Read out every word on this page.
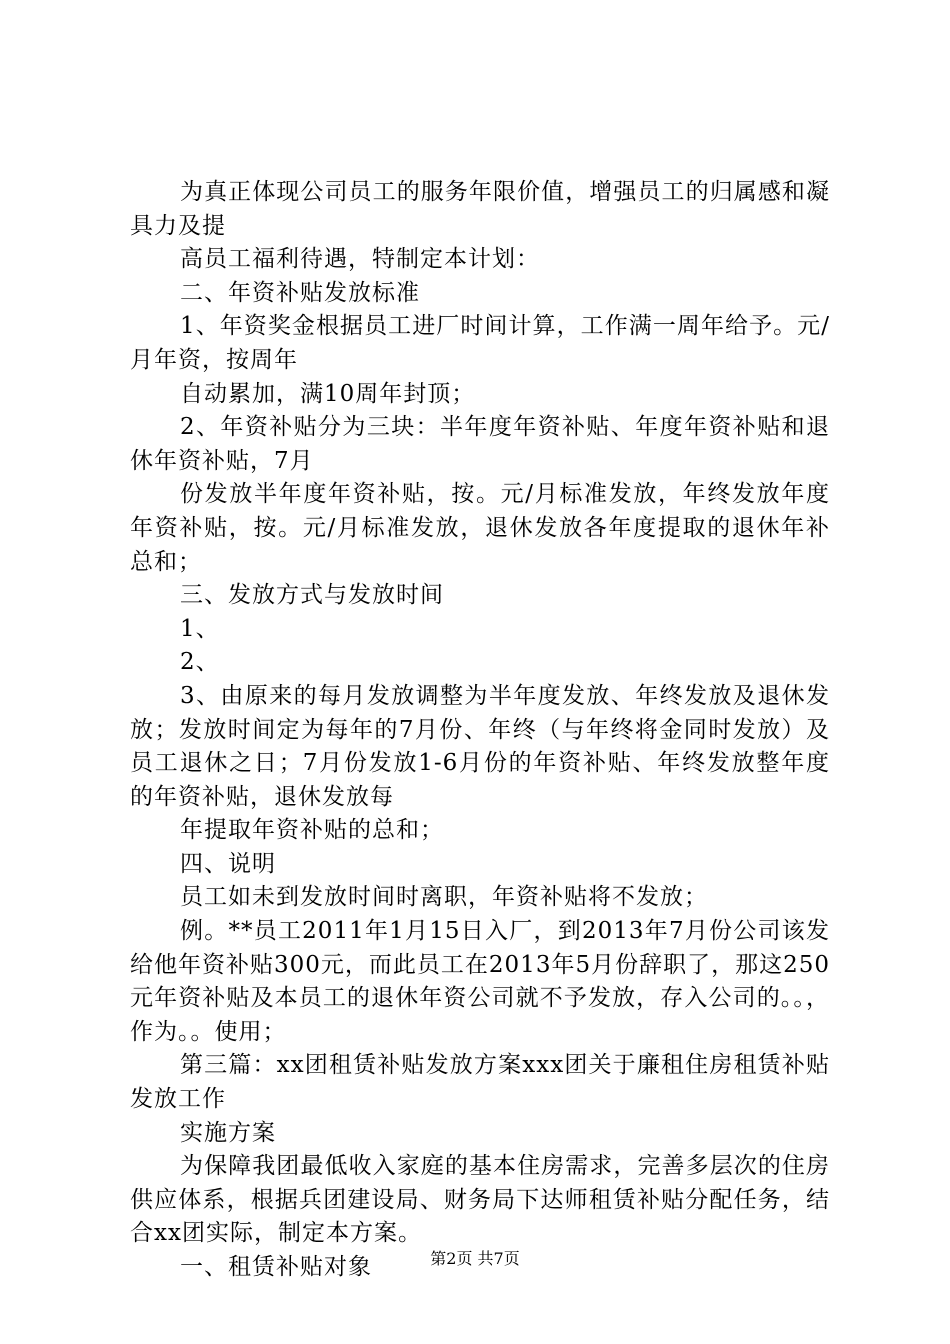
为真正体现公司员工的服务年限价值，增强员工的归属感和凝具力及提

高员工福利待遇，特制定本计划：

二、年资补贴发放标准

1、年资奖金根据员工进厂时间计算，工作满一周年给予。元/月年资，按周年

自动累加，满10周年封顶；

2、年资补贴分为三块：半年度年资补贴、年度年资补贴和退休年资补贴，7月

份发放半年度年资补贴，按。元/月标准发放，年终发放年度年资补贴，按。元/月标准发放，退休发放各年度提取的退休年补总和；

三、发放方式与发放时间

1、

2、

3、由原来的每月发放调整为半年度发放、年终发放及退休发放；发放时间定为每年的7月份、年终（与年终将金同时发放）及员工退休之日；7月份发放1-6月份的年资补贴、年终发放整年度的年资补贴，退休发放每

年提取年资补贴的总和；

四、说明

员工如未到发放时间时离职，年资补贴将不发放；

例。**员工2011年1月15日入厂，到2013年7月份公司该发给他年资补贴300元，而此员工在2013年5月份辞职了，那这250元年资补贴及本员工的退休年资公司就不予发放，存入公司的。。，作为。。使用；

第三篇：xx团租赁补贴发放方案xxx团关于廉租住房租赁补贴发放工作

实施方案

为保障我团最低收入家庭的基本住房需求，完善多层次的住房供应体系，根据兵团建设局、财务局下达师租赁补贴分配任务，结合xx团实际，制定本方案。

一、租赁补贴对象	第2页 共7页
